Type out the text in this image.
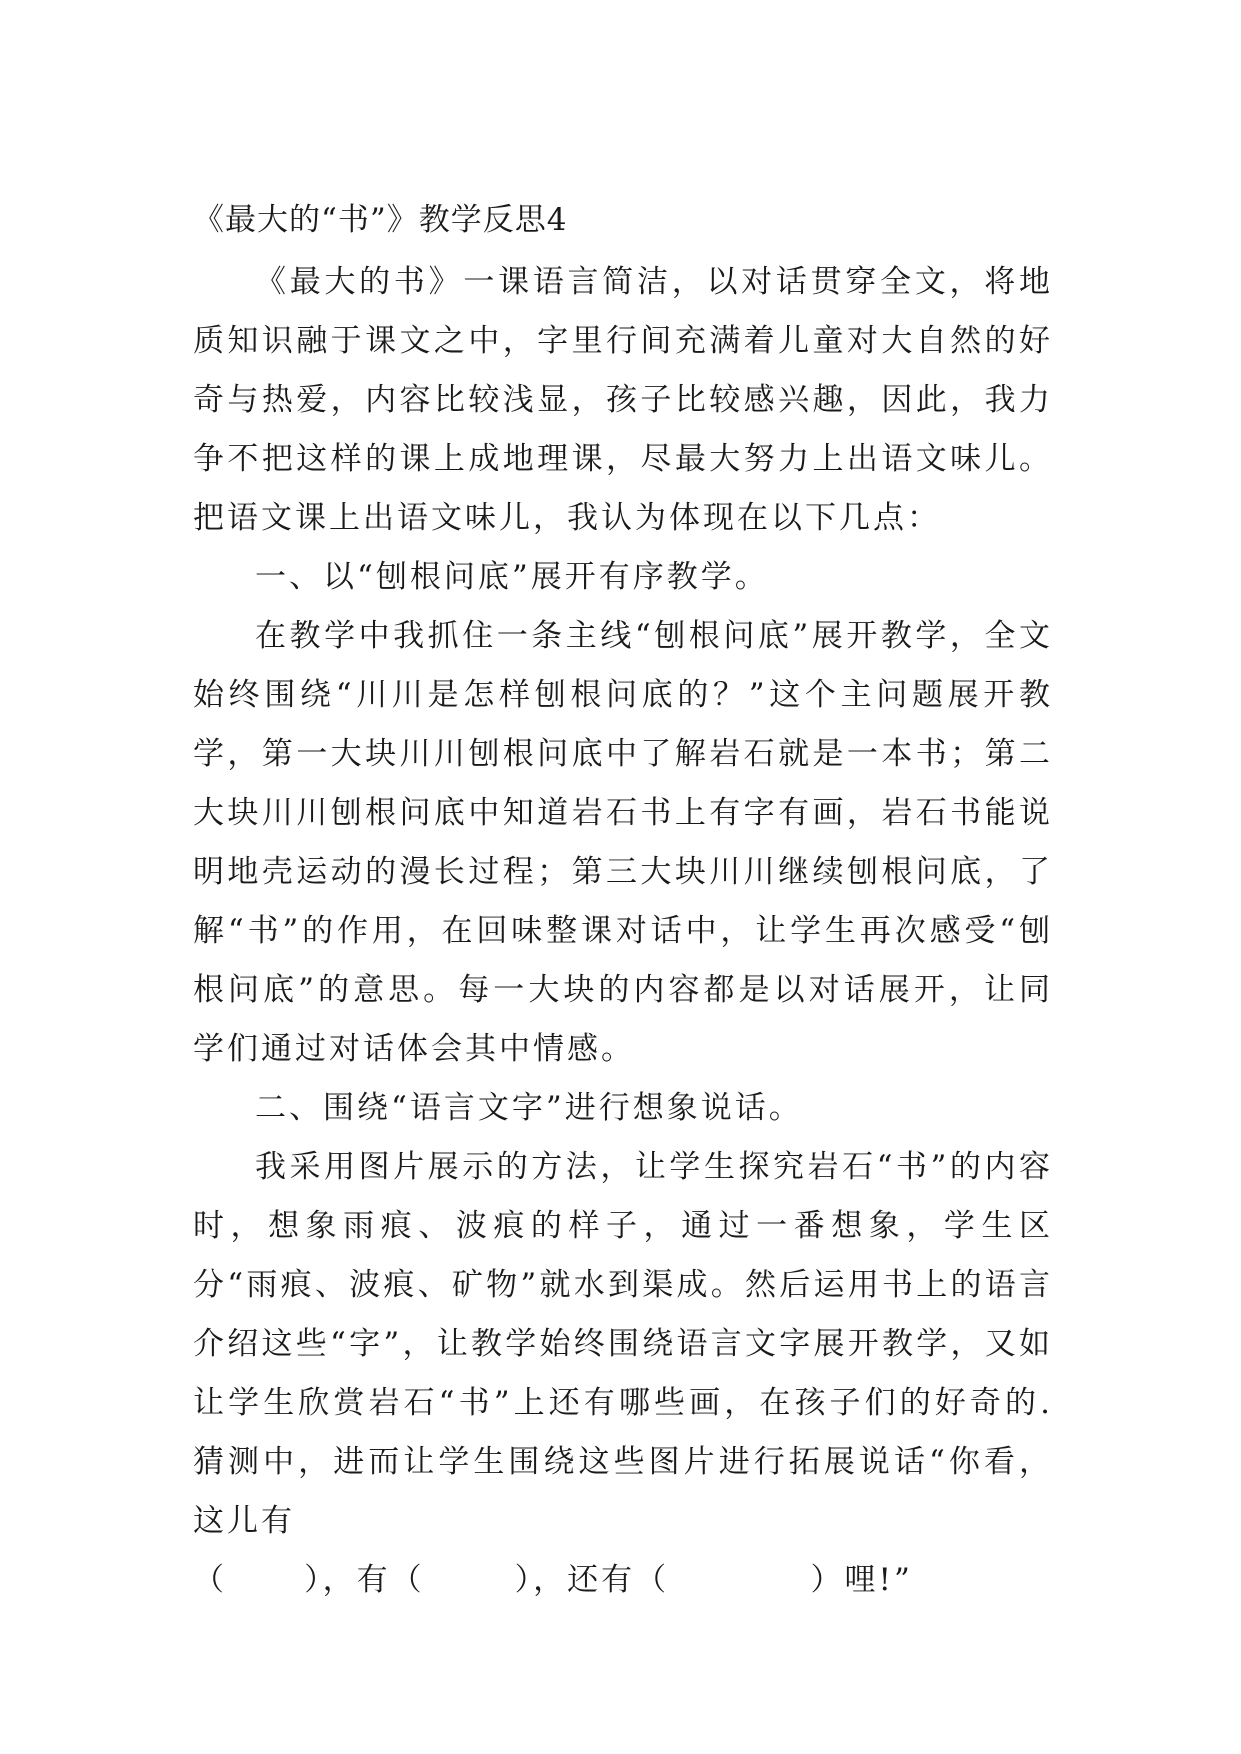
《最大的“书”》教学反思4

《最大的书》一课语言简洁，以对话贯穿全文，将地质知识融于课文之中，字里行间充满着儿童对大自然的好奇与热爱，内容比较浅显，孩子比较感兴趣，因此，我力争不把这样的课上成地理课，尽最大努力上出语文味儿。把语文课上出语文味儿，我认为体现在以下几点：

一、以“刨根问底”展开有序教学。

在教学中我抓住一条主线“刨根问底”展开教学，全文始终围绕“川川是怎样刨根问底的？”这个主问题展开教学，第一大块川川刨根问底中了解岩石就是一本书；第二大块川川刨根问底中知道岩石书上有字有画，岩石书能说明地壳运动的漫长过程；第三大块川川继续刨根问底，了解“书”的作用，在回味整课对话中，让学生再次感受“刨根问底”的意思。每一大块的内容都是以对话展开，让同学们通过对话体会其中情感。

二、围绕“语言文字”进行想象说话。

我采用图片展示的方法，让学生探究岩石“书”的内容时，想象雨痕、波痕的样子，通过一番想象，学生区分“雨痕、波痕、矿物”就水到渠成。然后运用书上的语言介绍这些“字”，让教学始终围绕语言文字展开教学，又如让学生欣赏岩石“书”上还有哪些画，在孩子们的好奇的.猜测中，进而让学生围绕这些图片进行拓展说话“你看，这儿有

（      ），有（       ），还有（           ）哩!”
